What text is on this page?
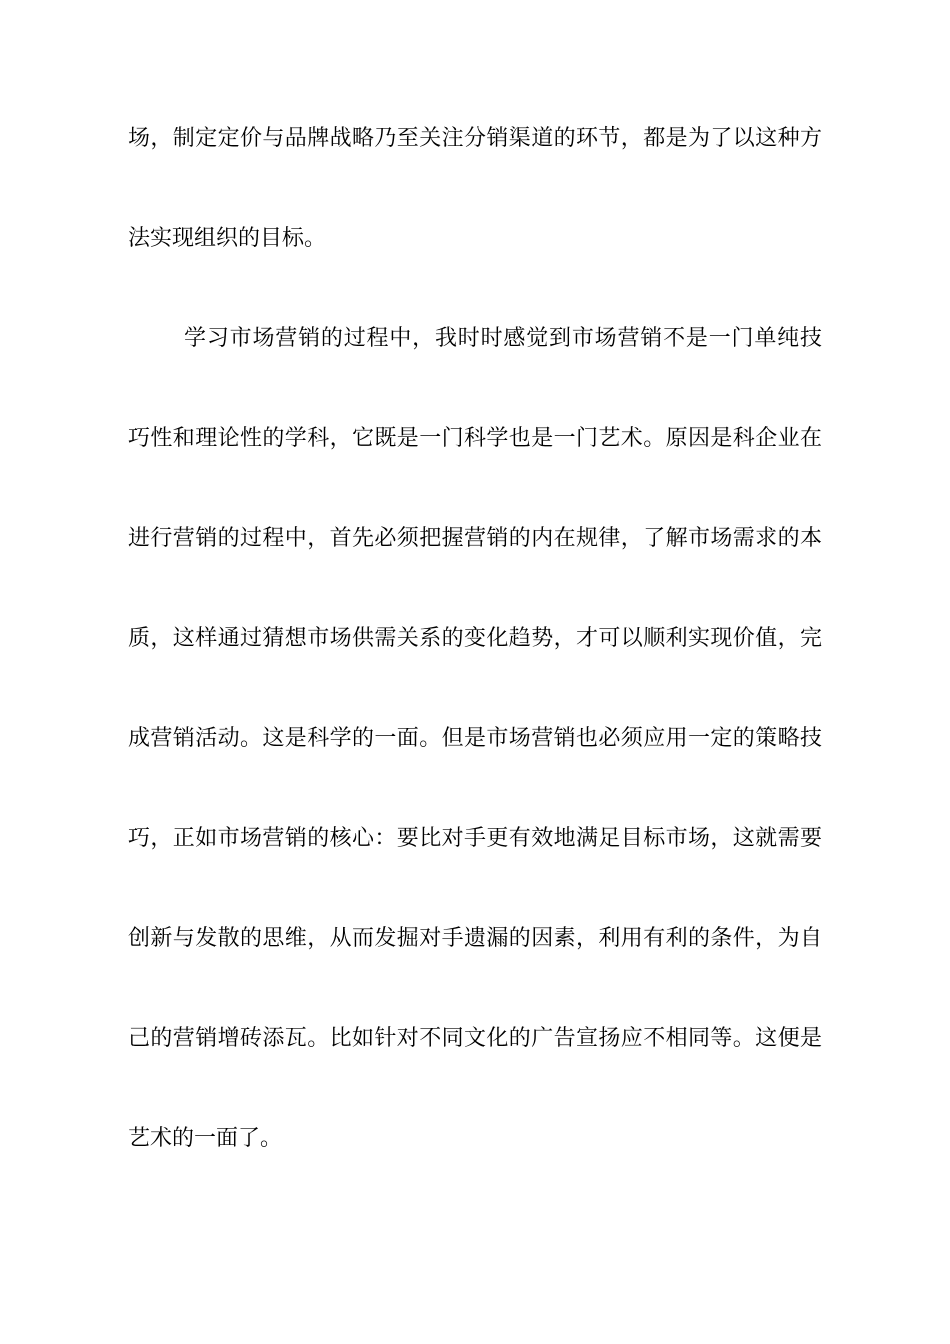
场，制定定价与品牌战略乃至关注分销渠道的环节，都是为了以这种方
法实现组织的目标。
学习市场营销的过程中，我时时感觉到市场营销不是一门单纯技
巧性和理论性的学科，它既是一门科学也是一门艺术。原因是科企业在
进行营销的过程中，首先必须把握营销的内在规律，了解市场需求的本
质，这样通过猜想市场供需关系的变化趋势，才可以顺利实现价值，完
成营销活动。这是科学的一面。但是市场营销也必须应用一定的策略技
巧，正如市场营销的核心：要比对手更有效地满足目标市场，这就需要
创新与发散的思维，从而发掘对手遗漏的因素，利用有利的条件，为自
己的营销增砖添瓦。比如针对不同文化的广告宣扬应不相同等。这便是
艺术的一面了。
